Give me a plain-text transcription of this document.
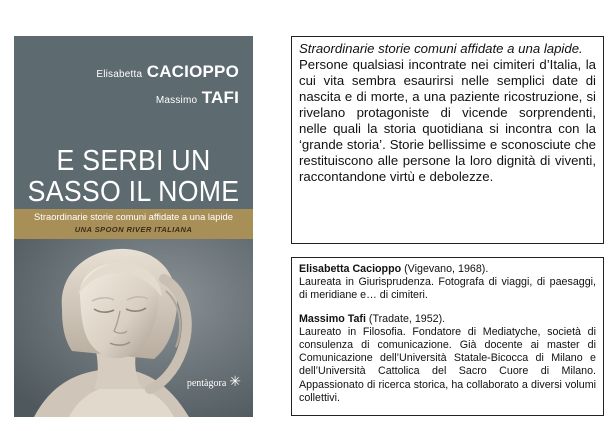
Elisabetta CACIOPPO
Massimo TAFI
E SERBI UN
SASSO IL NOME
Straordinarie storie comuni affidate a una lapide
UNA SPOON RIVER ITALIANA
pentàgora ✳

Straordinarie storie comuni affidate a una lapide.

Persone qualsiasi incontrate nei cimiteri d’Italia, la cui vita sembra esaurirsi nelle semplici date di nascita e di morte, a una paziente ricostruzione, si rivelano protagoniste di vicende sorprendenti, nelle quali la storia quotidiana si incontra con la ‘grande storia’. Storie bellissime e sconosciute che restituiscono alle persone la loro dignità di viventi, raccontandone virtù e debolezze.

Elisabetta Cacioppo (Vigevano, 1968).

Laureata in Giurisprudenza. Fotografa di viaggi, di paesaggi, di meridiane e… di cimiteri.

Massimo Tafi (Tradate, 1952).

Laureato in Filosofia. Fondatore di Mediatyche, società di consulenza di comunicazione. Già docente ai master di Comunicazione dell’Università Statale-Bicocca di Milano e dell’Università Cattolica del Sacro Cuore di Milano. Appassionato di ricerca storica, ha collaborato a diversi volumi collettivi.
